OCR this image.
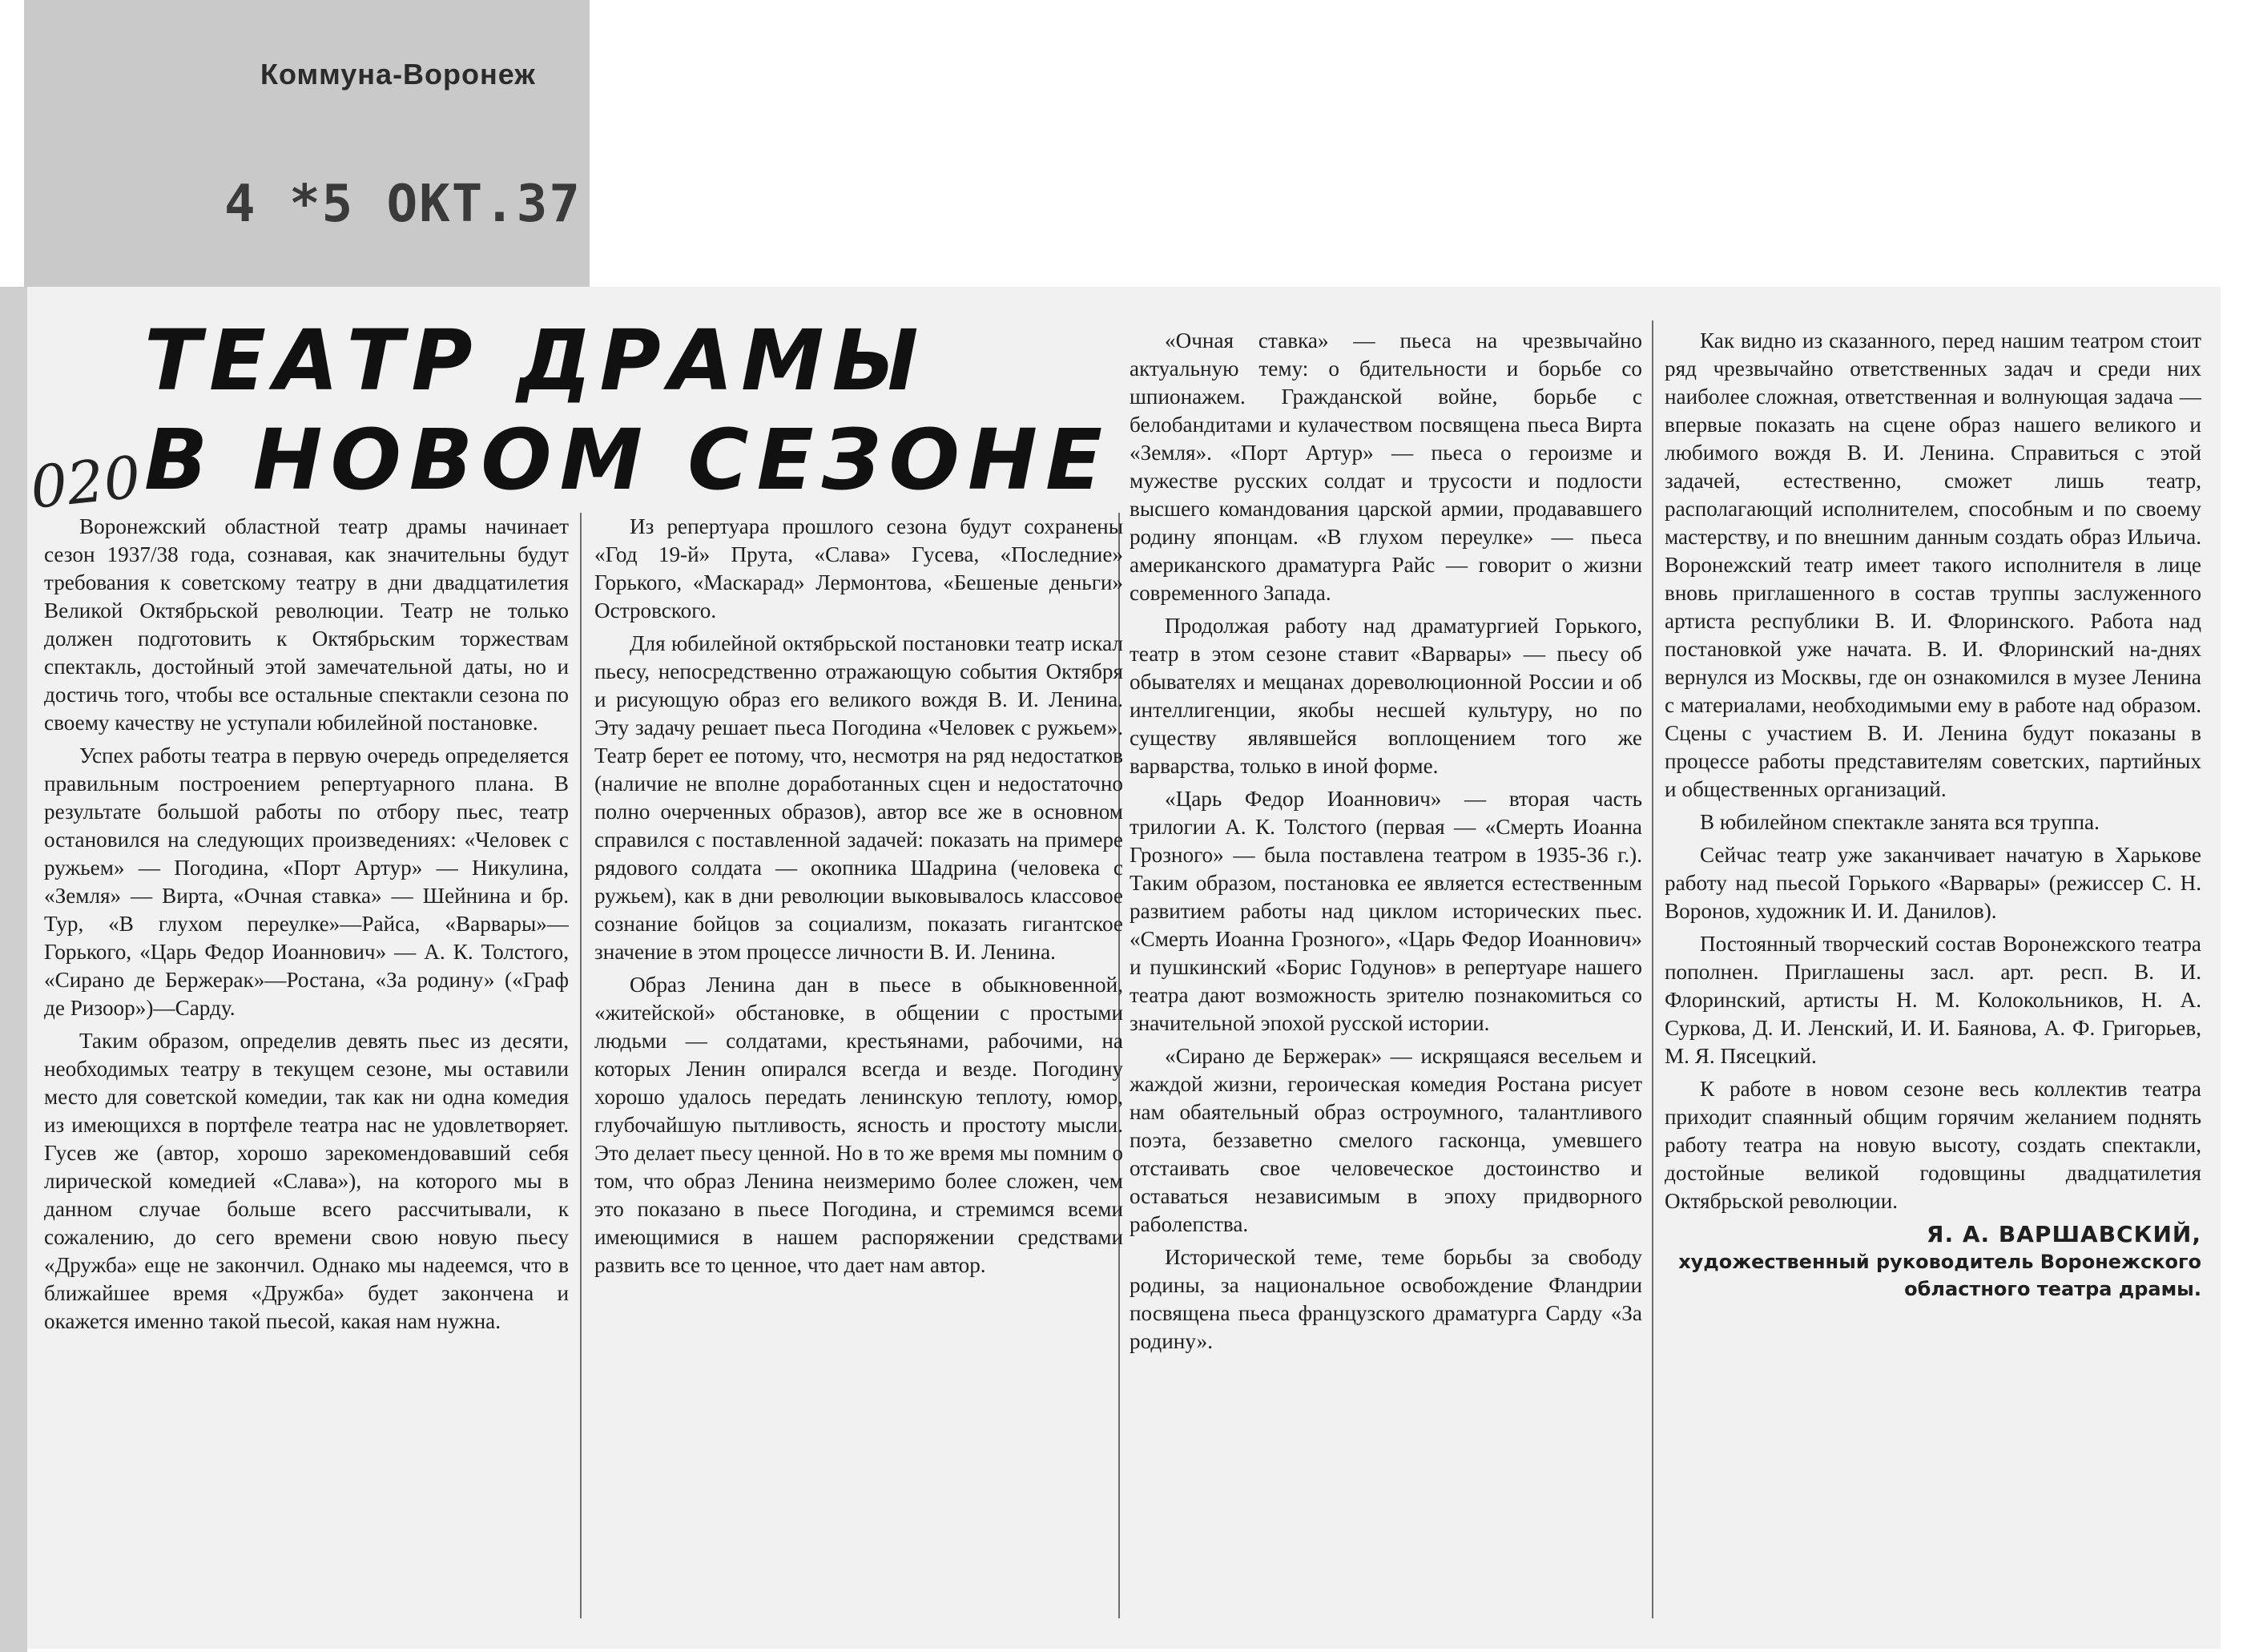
Коммуна-Воронеж
4 *5 ОКТ.37
ТЕАТР ДРАМЫ
В НОВОМ СЕЗОНЕ
020

Воронежский областной театр драмы начинает сезон 1937/38 года, сознавая, как значительны будут требования к советскому театру в дни двадцатилетия Великой Октябрьской революции. Театр не только должен подготовить к Октябрьским торжествам спектакль, достойный этой замечательной даты, но и достичь того, чтобы все остальные спектакли сезона по своему качеству не уступали юбилейной постановке.

Успех работы театра в первую очередь определяется правильным построением репертуарного плана. В результате большой работы по отбору пьес, театр остановился на следующих произведениях: «Человек с ружьем» — Погодина, «Порт Артур» — Никулина, «Земля» — Вирта, «Очная ставка» — Шейнина и бр. Тур, «В глухом переулке»—Райса, «Варвары»—Горького, «Царь Федор Иоаннович» — А. К. Толстого, «Сирано де Бержерак»—Ростана, «За родину» («Граф де Ризоор»)—Сарду.

Таким образом, определив девять пьес из десяти, необходимых театру в текущем сезоне, мы оставили место для советской комедии, так как ни одна комедия из имеющихся в портфеле театра нас не удовлетворяет. Гусев же (автор, хорошо зарекомендовавший себя лирической комедией «Слава»), на которого мы в данном случае больше всего рассчитывали, к сожалению, до сего времени свою новую пьесу «Дружба» еще не закончил. Однако мы надеемся, что в ближайшее время «Дружба» будет закончена и окажется именно такой пьесой, какая нам нужна.

Из репертуара прошлого сезона будут сохранены «Год 19-й» Прута, «Слава» Гусева, «Последние» Горького, «Маскарад» Лермонтова, «Бешеные деньги» Островского.

Для юбилейной октябрьской постановки театр искал пьесу, непосредственно отражающую события Октября и рисующую образ его великого вождя В. И. Ленина. Эту задачу решает пьеса Погодина «Человек с ружьем». Театр берет ее потому, что, несмотря на ряд недостатков (наличие не вполне доработанных сцен и недостаточно полно очерченных образов), автор все же в основном справился с поставленной задачей: показать на примере рядового солдата — окопника Шадрина (человека с ружьем), как в дни революции выковывалось классовое сознание бойцов за социализм, показать гигантское значение в этом процессе личности В. И. Ленина.

Образ Ленина дан в пьесе в обыкновенной, «житейской» обстановке, в общении с простыми людьми — солдатами, крестьянами, рабочими, на которых Ленин опирался всегда и везде. Погодину хорошо удалось передать ленинскую теплоту, юмор, глубочайшую пытливость, ясность и простоту мысли. Это делает пьесу ценной. Но в то же время мы помним о том, что образ Ленина неизмеримо более сложен, чем это показано в пьесе Погодина, и стремимся всеми имеющимися в нашем распоряжении средствами развить все то ценное, что дает нам автор.

«Очная ставка» — пьеса на чрезвычайно актуальную тему: о бдительности и борьбе со шпионажем. Гражданской войне, борьбе с белобандитами и кулачеством посвящена пьеса Вирта «Земля». «Порт Артур» — пьеса о героизме и мужестве русских солдат и трусости и подлости высшего командования царской армии, продававшего родину японцам. «В глухом переулке» — пьеса американского драматурга Райс — говорит о жизни современного Запада.

Продолжая работу над драматургией Горького, театр в этом сезоне ставит «Варвары» — пьесу об обывателях и мещанах дореволюционной России и об интеллигенции, якобы несшей культуру, но по существу являвшейся воплощением того же варварства, только в иной форме.

«Царь Федор Иоаннович» — вторая часть трилогии А. К. Толстого (первая — «Смерть Иоанна Грозного» — была поставлена театром в 1935-36 г.). Таким образом, постановка ее является естественным развитием работы над циклом исторических пьес. «Смерть Иоанна Грозного», «Царь Федор Иоаннович» и пушкинский «Борис Годунов» в репертуаре нашего театра дают возможность зрителю познакомиться со значительной эпохой русской истории.

«Сирано де Бержерак» — искрящаяся весельем и жаждой жизни, героическая комедия Ростана рисует нам обаятельный образ остроумного, талантливого поэта, беззаветно смелого гасконца, умевшего отстаивать свое человеческое достоинство и оставаться независимым в эпоху придворного раболепства.

Исторической теме, теме борьбы за свободу родины, за национальное освобождение Фландрии посвящена пьеса французского драматурга Сарду «За родину».

Как видно из сказанного, перед нашим театром стоит ряд чрезвычайно ответственных задач и среди них наиболее сложная, ответственная и волнующая задача — впервые показать на сцене образ нашего великого и любимого вождя В. И. Ленина. Справиться с этой задачей, естественно, сможет лишь театр, располагающий исполнителем, способным и по своему мастерству, и по внешним данным создать образ Ильича. Воронежский театр имеет такого исполнителя в лице вновь приглашенного в состав труппы заслуженного артиста республики В. И. Флоринского. Работа над постановкой уже начата. В. И. Флоринский на-днях вернулся из Москвы, где он ознакомился в музее Ленина с материалами, необходимыми ему в работе над образом. Сцены с участием В. И. Ленина будут показаны в процессе работы представителям советских, партийных и общественных организаций.

В юбилейном спектакле занята вся труппа.

Сейчас театр уже заканчивает начатую в Харькове работу над пьесой Горького «Варвары» (режиссер С. Н. Воронов, художник И. И. Данилов).

Постоянный творческий состав Воронежского театра пополнен. Приглашены засл. арт. респ. В. И. Флоринский, артисты Н. М. Колокольников, Н. А. Суркова, Д. И. Ленский, И. И. Баянова, А. Ф. Григорьев, М. Я. Пясецкий.

К работе в новом сезоне весь коллектив театра приходит спаянный общим горячим желанием поднять работу театра на новую высоту, создать спектакли, достойные великой годовщины двадцатилетия Октябрьской революции.

Я. А. ВАРШАВСКИЙ,
художественный руководитель Воронежского областного театра драмы.
